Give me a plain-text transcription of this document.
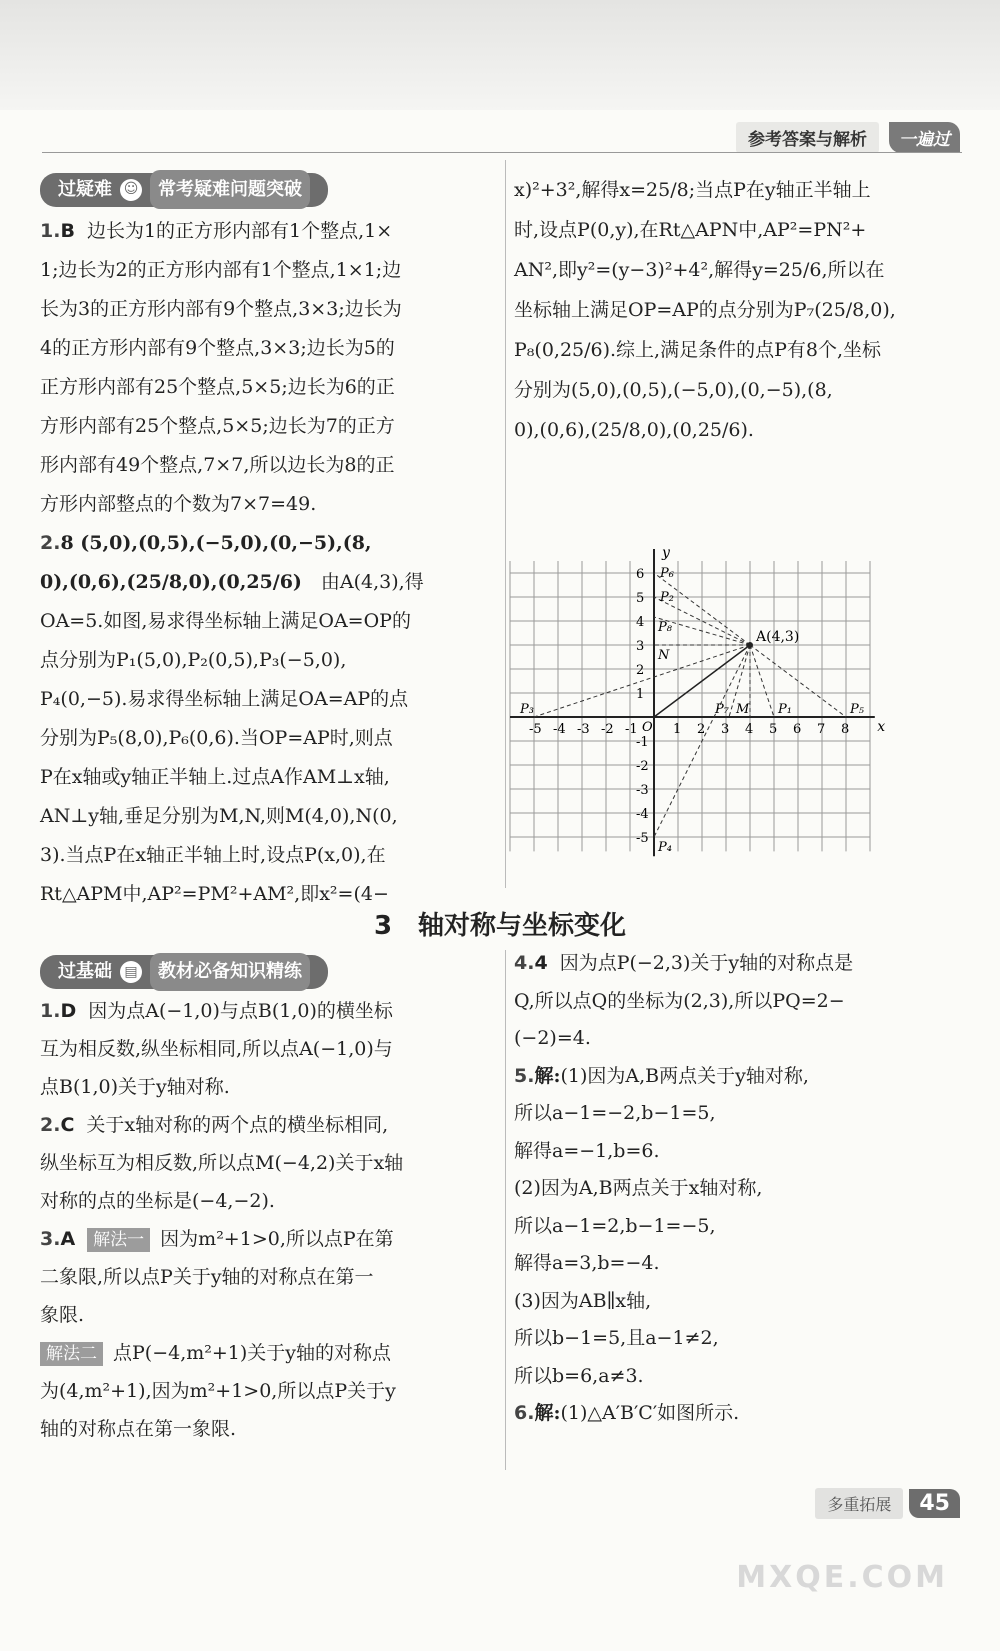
参考答案与解析	一遍过
过疑难 ☺	常考疑难问题突破

1.B 边长为1的正方形内部有1个整点,1×

1;边长为2的正方形内部有1个整点,1×1;边

长为3的正方形内部有9个整点,3×3;边长为

4的正方形内部有9个整点,3×3;边长为5的

正方形内部有25个整点,5×5;边长为6的正

方形内部有25个整点,5×5;边长为7的正方

形内部有49个整点,7×7,所以边长为8的正

方形内部整点的个数为7×7=49.

2.8 (5,0),(0,5),(−5,0),(0,−5),(8,

0),(0,6),(25/8,0),(0,25/6)　由A(4,3),得

OA=5.如图,易求得坐标轴上满足OA=OP的

点分别为P₁(5,0),P₂(0,5),P₃(−5,0),

P₄(0,−5).易求得坐标轴上满足OA=AP的点

分别为P₅(8,0),P₆(0,6).当OP=AP时,则点

P在x轴或y轴正半轴上.过点A作AM⊥x轴,

AN⊥y轴,垂足分别为M,N,则M(4,0),N(0,

3).当点P在x轴正半轴上时,设点P(x,0),在

Rt△APM中,AP²=PM²+AM²,即x²=(4−

x)²+3²,解得x=25/8;当点P在y轴正半轴上

时,设点P(0,y),在Rt△APN中,AP²=PN²+

AN²,即y²=(y−3)²+4²,解得y=25/6,所以在

坐标轴上满足OP=AP的点分别为P₇(25/8,0),

P₈(0,25/6).综上,满足条件的点P有8个,坐标

分别为(5,0),(0,5),(−5,0),(0,−5),(8,

0),(0,6),(25/8,0),(0,25/6).

x
y
O
-5 -4 -3 -2 -1	1 2 3 4 5 6 7 8
-5
-4
-3
-2
-1
1
2
3
4
5
6
A(4,3)
P₁
P₂
P₃
P₄
P₅
P₆
P₇
P₈
M
N
3　轴对称与坐标变化
过基础 ▤	教材必备知识精练

1.D 因为点A(−1,0)与点B(1,0)的横坐标

互为相反数,纵坐标相同,所以点A(−1,0)与

点B(1,0)关于y轴对称.

2.C 关于x轴对称的两个点的横坐标相同,

纵坐标互为相反数,所以点M(−4,2)关于x轴

对称的点的坐标是(−4,−2).

3.A 解法一 因为m²+1>0,所以点P在第

二象限,所以点P关于y轴的对称点在第一

象限.

解法二 点P(−4,m²+1)关于y轴的对称点

为(4,m²+1),因为m²+1>0,所以点P关于y

轴的对称点在第一象限.

4.4 因为点P(−2,3)关于y轴的对称点是

Q,所以点Q的坐标为(2,3),所以PQ=2−

(−2)=4.

5.解:(1)因为A,B两点关于y轴对称,

所以a−1=−2,b−1=5,

解得a=−1,b=6.

(2)因为A,B两点关于x轴对称,

所以a−1=2,b−1=−5,

解得a=3,b=−4.

(3)因为AB∥x轴,

所以b−1=5,且a−1≠2,

所以b=6,a≠3.

6.解:(1)△A′B′C′如图所示.

多重拓展	45
MXQE.COM
